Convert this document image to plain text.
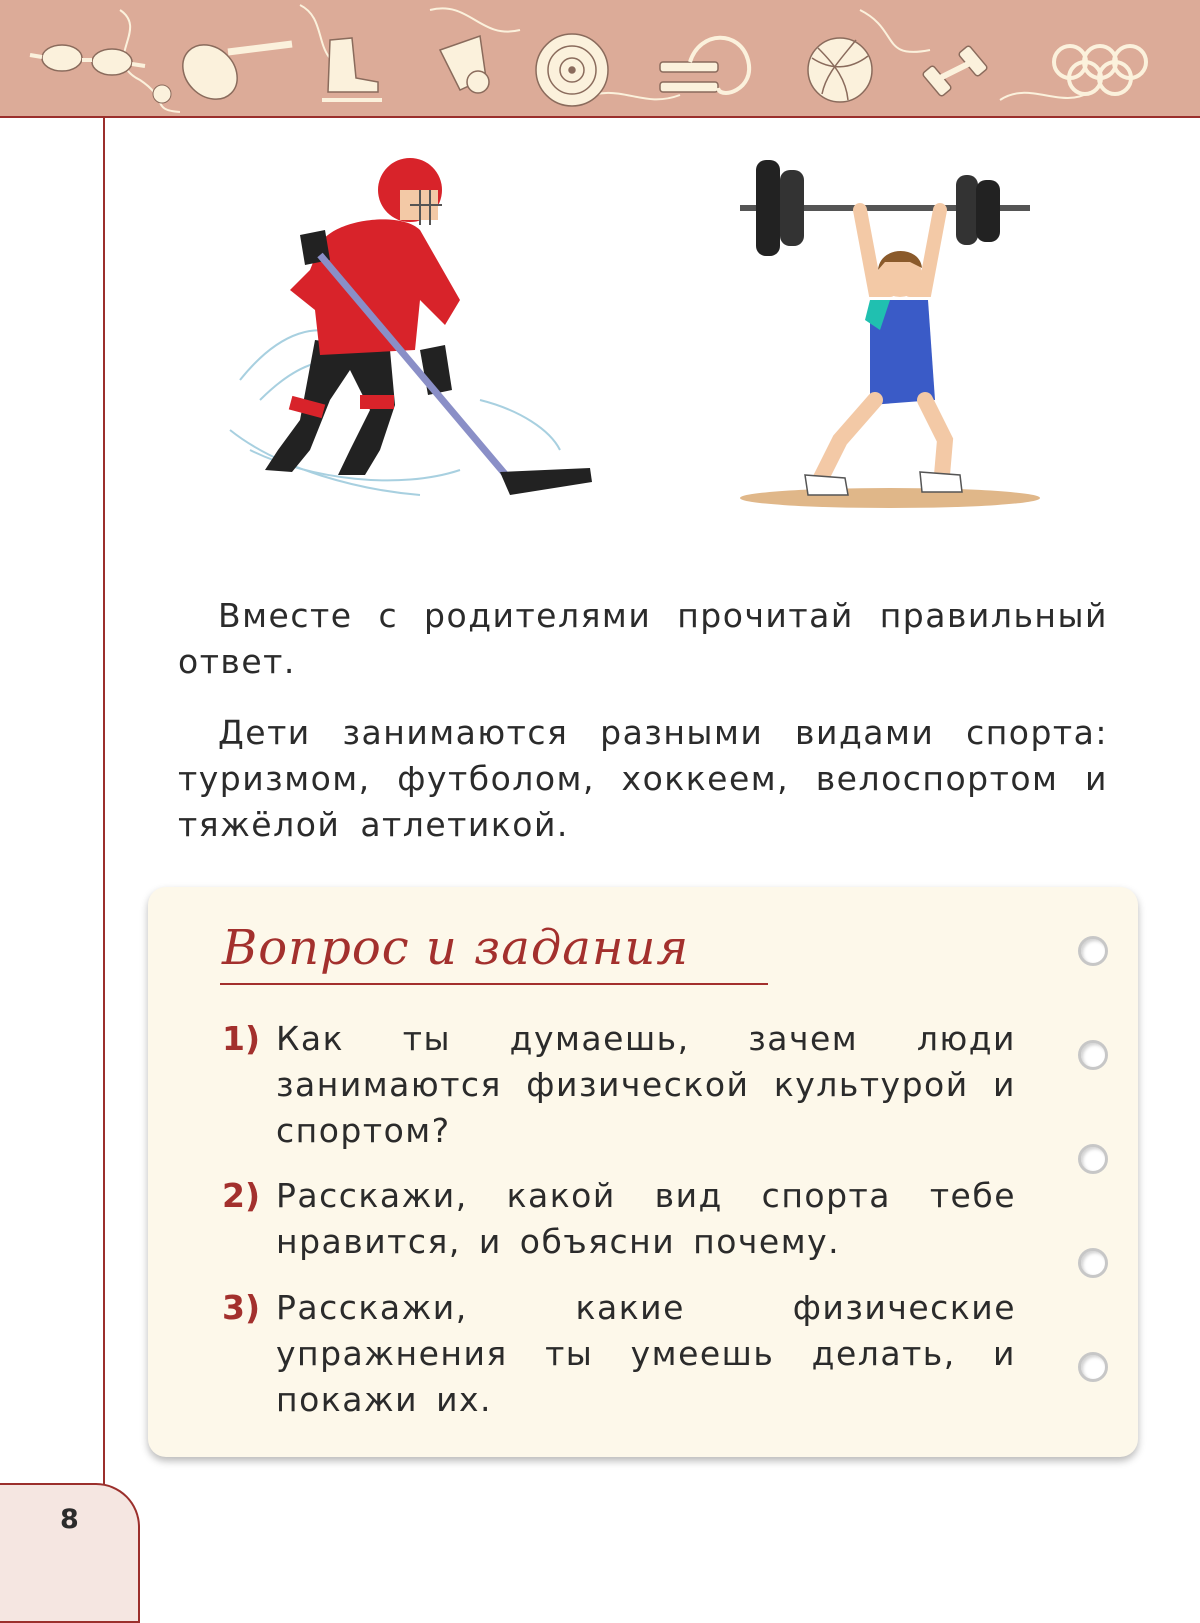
Вместе с родителями прочитай правильный ответ.

Дети занимаются разными видами спорта: туризмом, футболом, хоккеем, велоспортом и тяжёлой атлетикой.

Вопрос и задания
1) Как ты думаешь, зачем люди занимаются физической культурой и спортом?

2) Расскажи, какой вид спорта тебе нравится, и объясни почему.

3) Расскажи, какие физические упражнения ты умеешь делать, и покажи их.

8
